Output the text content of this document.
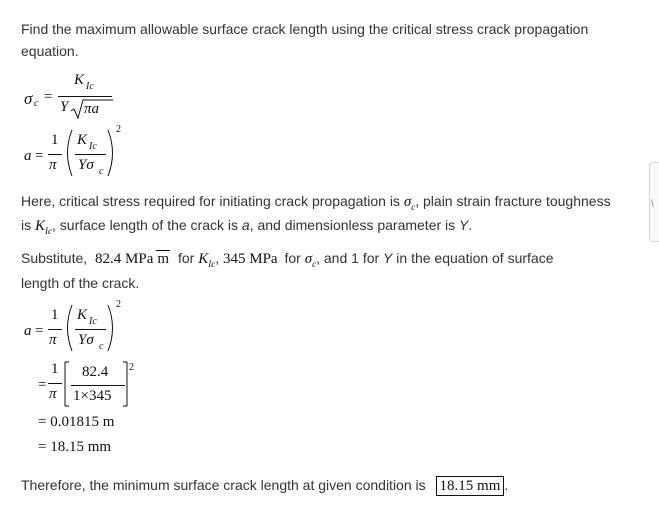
Find the maximum allowable surface crack length using the critical stress crack propagation
equation.
σ c =
K Ic
Y πa
a =
1
π
K Ic
Yσ c
2
Here, critical stress required for initiating crack propagation is $\sigma_c$, plain strain fracture toughness
is $K_{Ic}$, surface length of the crack is a, and dimensionless parameter is Y.
Substitute, 82.4 MPa m for $K_{Ic}$, 345 MPa for $\sigma_c$, and 1 for Y in the equation of surface
length of the crack.
a =
1
π
K Ic
Yσ c
2
=
1
π
82.4
1×345
2
= 0.01815 m
= 18.15 mm
Therefore, the minimum surface crack length at given condition is 18.15 mm .
\
